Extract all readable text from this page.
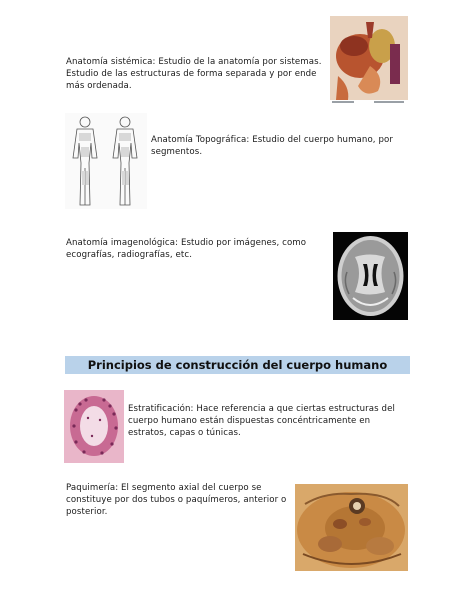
Anatomía sistémica: Estudio de la anatomía por sistemas. Estudio de las estructuras de forma separada y por ende más ordenada.
Anatomía Topográfica: Estudio del cuerpo humano, por segmentos.
Anatomía imagenológica: Estudio por imágenes, como ecografías, radiografías, etc.
Principios de construcción del cuerpo humano
Estratificación: Hace referencia a que ciertas estructuras del cuerpo humano están dispuestas concéntricamente en estratos, capas o túnicas.
Paquimería: El segmento axial del cuerpo se constituye por dos tubos o paquímeros, anterior o posterior.
